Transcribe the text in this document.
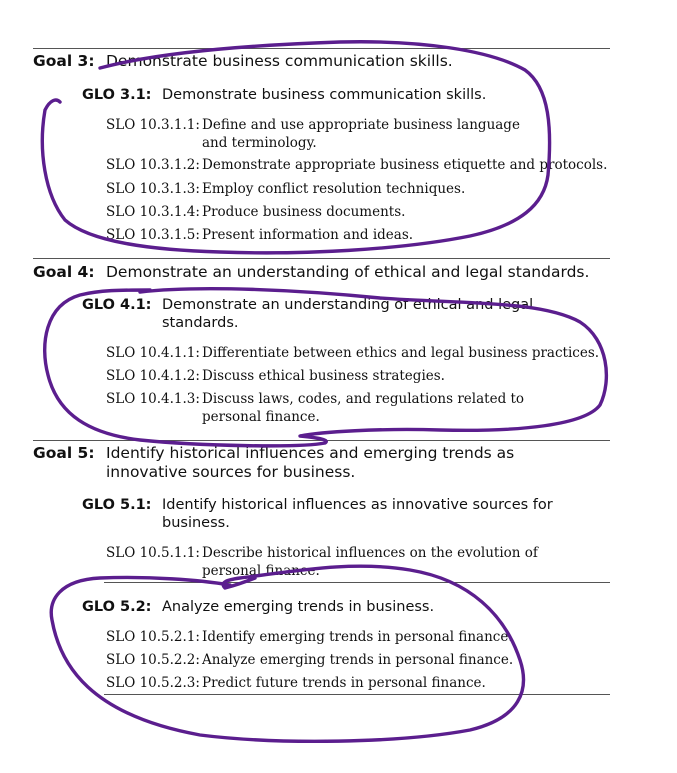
Goal 3: Demonstrate business communication skills.
GLO 3.1: Demonstrate business communication skills.
SLO 10.3.1.1: Define and use appropriate business language and terminology.
SLO 10.3.1.2: Demonstrate appropriate business etiquette and protocols.
SLO 10.3.1.3: Employ conflict resolution techniques.
SLO 10.3.1.4: Produce business documents.
SLO 10.3.1.5: Present information and ideas.
Goal 4: Demonstrate an understanding of ethical and legal standards.
GLO 4.1: Demonstrate an understanding of ethical and legal standards.
SLO 10.4.1.1: Differentiate between ethics and legal business practices.
SLO 10.4.1.2: Discuss ethical business strategies.
SLO 10.4.1.3: Discuss laws, codes, and regulations related to personal finance.
Goal 5: Identify historical influences and emerging trends as innovative sources for business.
GLO 5.1: Identify historical influences as innovative sources for business.
SLO 10.5.1.1: Describe historical influences on the evolution of personal finance.
GLO 5.2: Analyze emerging trends in business.
SLO 10.5.2.1: Identify emerging trends in personal finance.
SLO 10.5.2.2: Analyze emerging trends in personal finance.
SLO 10.5.2.3: Predict future trends in personal finance.
